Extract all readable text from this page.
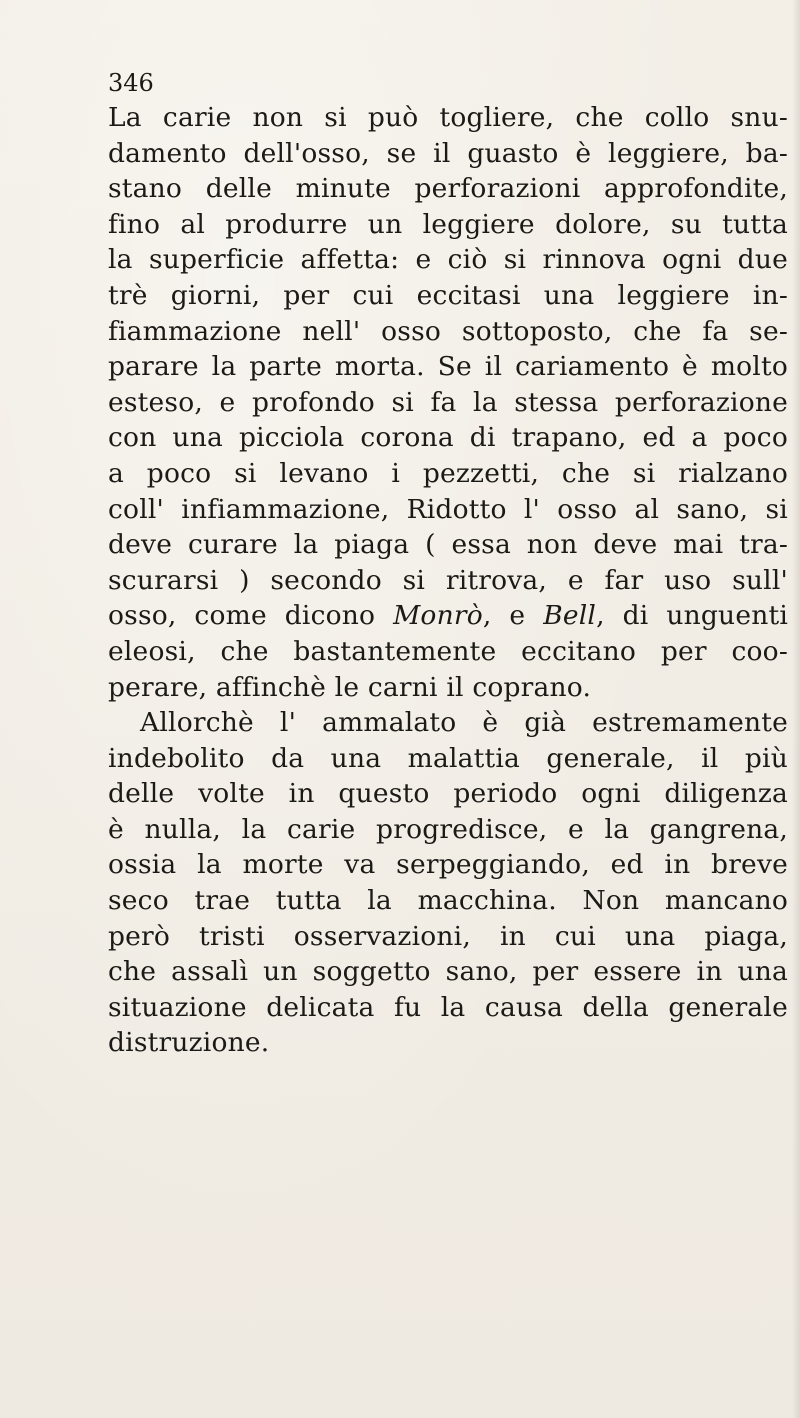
346
La carie non si può togliere, che collo snu-
damento dell'osso, se il guasto è leggiere, ba-
stano delle minute perforazioni approfondite,
fino al produrre un leggiere dolore, su tutta
la superficie affetta: e ciò si rinnova ogni due
trè giorni, per cui eccitasi una leggiere in-
fiammazione nell' osso sottoposto, che fa se-
parare la parte morta. Se il cariamento è molto
esteso, e profondo si fa la stessa perforazione
con una picciola corona di trapano, ed a poco
a poco si levano i pezzetti, che si rialzano
coll' infiammazione, Ridotto l' osso al sano, si
deve curare la piaga ( essa non deve mai tra-
scurarsi ) secondo si ritrova, e far uso sull'
osso, come dicono Monrò, e Bell, di unguenti
eleosi, che bastantemente eccitano per coo-
perare, affinchè le carni il coprano.
Allorchè l' ammalato è già estremamente
indebolito da una malattia generale, il più
delle volte in questo periodo ogni diligenza
è nulla, la carie progredisce, e la gangrena,
ossia la morte va serpeggiando, ed in breve
seco trae tutta la macchina. Non mancano
però tristi osservazioni, in cui una piaga,
che assalì un soggetto sano, per essere in una
situazione delicata fu la causa della generale
distruzione.
